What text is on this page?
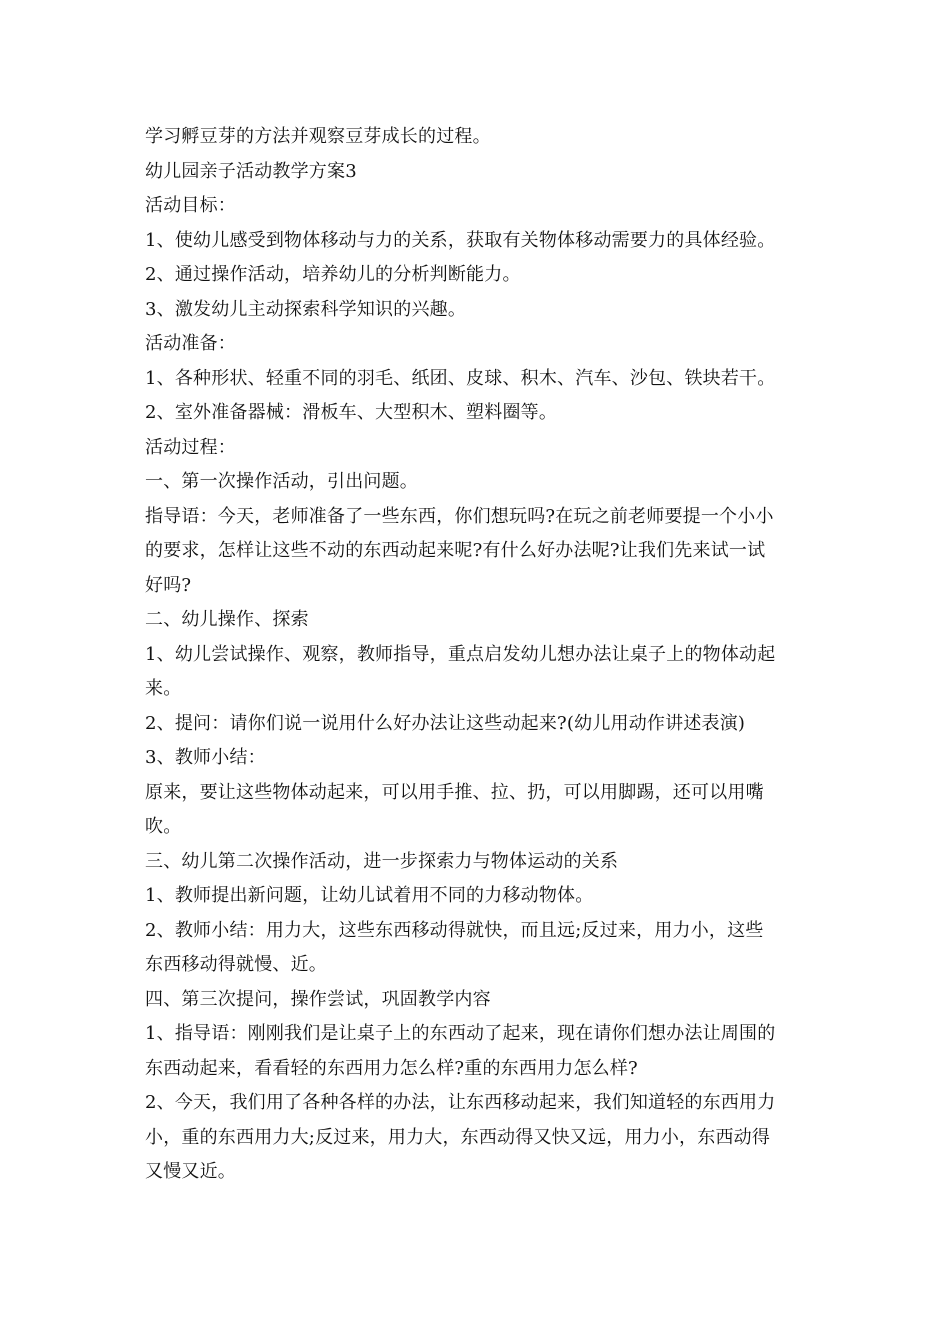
学习孵豆芽的方法并观察豆芽成长的过程。
幼儿园亲子活动教学方案3
活动目标：
1、使幼儿感受到物体移动与力的关系，获取有关物体移动需要力的具体经验。
2、通过操作活动，培养幼儿的分析判断能力。
3、激发幼儿主动探索科学知识的兴趣。
活动准备：
1、各种形状、轻重不同的羽毛、纸团、皮球、积木、汽车、沙包、铁块若干。
2、室外准备器械：滑板车、大型积木、塑料圈等。
活动过程：
一、第一次操作活动，引出问题。
指导语：今天，老师准备了一些东西，你们想玩吗?在玩之前老师要提一个小小
的要求，怎样让这些不动的东西动起来呢?有什么好办法呢?让我们先来试一试
好吗?
二、幼儿操作、探索
1、幼儿尝试操作、观察，教师指导，重点启发幼儿想办法让桌子上的物体动起
来。
2、提问：请你们说一说用什么好办法让这些动起来?(幼儿用动作讲述表演)
3、教师小结：
原来，要让这些物体动起来，可以用手推、拉、扔，可以用脚踢，还可以用嘴
吹。
三、幼儿第二次操作活动，进一步探索力与物体运动的关系
1、教师提出新问题，让幼儿试着用不同的力移动物体。
2、教师小结：用力大，这些东西移动得就快，而且远;反过来，用力小，这些
东西移动得就慢、近。
四、第三次提问，操作尝试，巩固教学内容
1、指导语：刚刚我们是让桌子上的东西动了起来，现在请你们想办法让周围的
东西动起来，看看轻的东西用力怎么样?重的东西用力怎么样?
2、今天，我们用了各种各样的办法，让东西移动起来，我们知道轻的东西用力
小，重的东西用力大;反过来，用力大，东西动得又快又远，用力小，东西动得
又慢又近。
